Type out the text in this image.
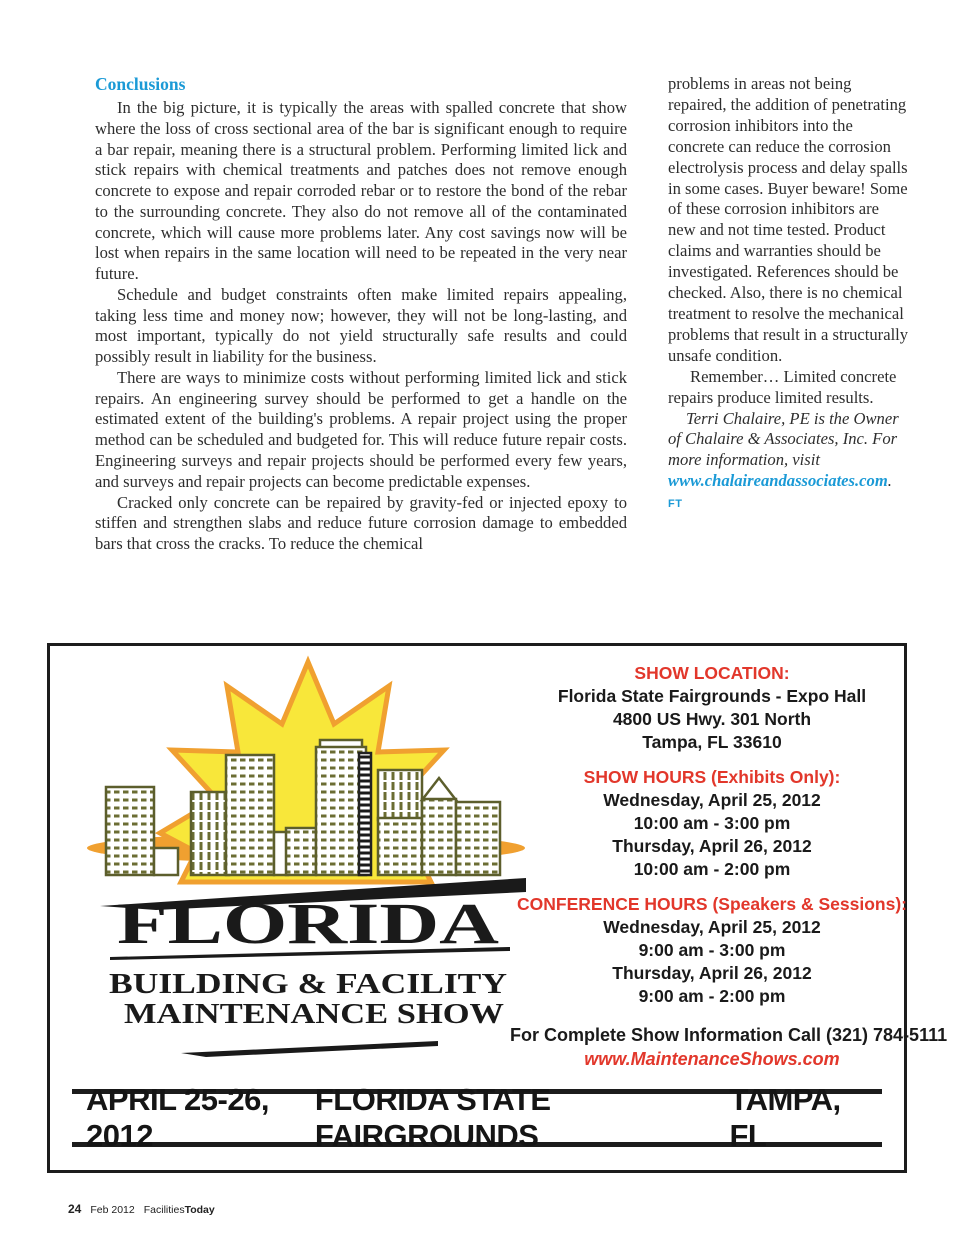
Conclusions

In the big picture, it is typically the areas with spalled concrete that show where the loss of cross sectional area of the bar is significant enough to require a bar repair, meaning there is a structural problem. Performing limited lick and stick repairs with chemical treatments and patches does not remove enough concrete to expose and repair corroded rebar or to restore the bond of the rebar to the surrounding concrete. They also do not remove all of the contaminated concrete, which will cause more problems later. Any cost savings now will be lost when repairs in the same location will need to be repeated in the very near future.

Schedule and budget constraints often make limited repairs appealing, taking less time and money now; however, they will not be long-lasting, and most important, typically do not yield structurally safe results and could possibly result in liability for the business.

There are ways to minimize costs without performing limited lick and stick repairs. An engineering survey should be performed to get a handle on the estimated extent of the building's problems. A repair project using the proper method can be scheduled and budgeted for. This will reduce future repair costs. Engineering surveys and repair projects should be performed every few years, and surveys and repair projects can become predictable expenses.

Cracked only concrete can be repaired by gravity-fed or injected epoxy to stiffen and strengthen slabs and reduce future corrosion damage to embedded bars that cross the cracks. To reduce the chemical

problems in areas not being repaired, the addition of penetrating corrosion inhibitors into the concrete can reduce the corrosion electrolysis process and delay spalls in some cases. Buyer beware! Some of these corrosion inhibitors are new and not time tested. Product claims and warranties should be investigated. References should be checked. Also, there is no chemical treatment to resolve the mechanical problems that result in a structurally unsafe condition.

Remember… Limited concrete repairs produce limited results.

Terri Chalaire, PE is the Owner of Chalaire & Associates, Inc. For more information, visit www.chalaireandassociates.com. FT

FLORIDA
BUILDING & FACILITY
MAINTENANCE SHOW
SHOW LOCATION:
Florida State Fairgrounds - Expo Hall
4800 US Hwy. 301 North
Tampa, FL 33610
SHOW HOURS (Exhibits Only):
Wednesday, April 25, 2012
10:00 am - 3:00 pm
Thursday, April 26, 2012
10:00 am - 2:00 pm
CONFERENCE HOURS (Speakers & Sessions):
Wednesday, April 25, 2012
9:00 am - 3:00 pm
Thursday, April 26, 2012
9:00 am - 2:00 pm
For Complete Show Information Call (321) 784-5111
www.MaintenanceShows.com
APRIL 25-26, 2012
FLORIDA STATE FAIRGROUNDS
TAMPA, FL
24 Feb 2012 FacilitiesToday
